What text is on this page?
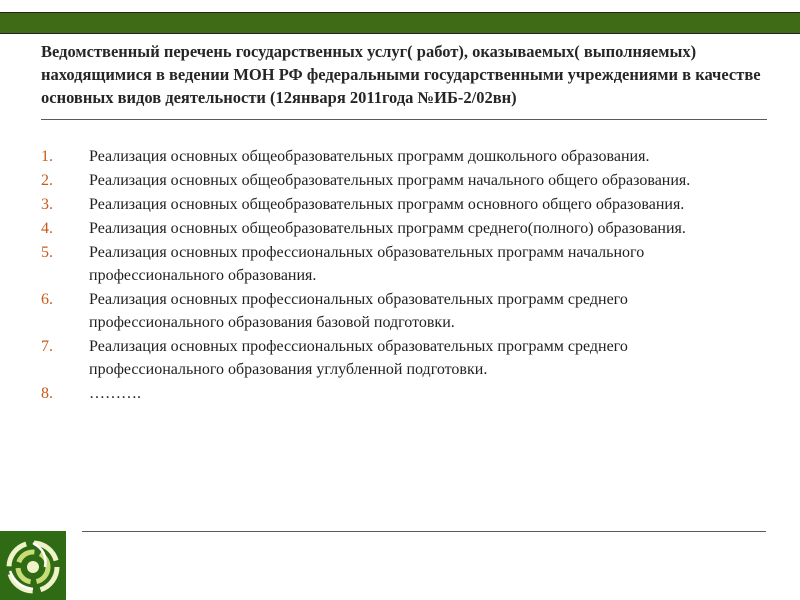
Ведомственный перечень государственных услуг( работ), оказываемых( выполняемых) находящимися в ведении МОН РФ федеральными государственными учреждениями в качестве основных видов деятельности (12января 2011года №ИБ-2/02вн)
1. Реализация основных общеобразовательных программ дошкольного образования.
2. Реализация основных общеобразовательных программ начального общего образования.
3. Реализация основных общеобразовательных программ основного общего образования.
4. Реализация основных общеобразовательных программ среднего(полного) образования.
5. Реализация основных профессиональных образовательных программ начального профессионального образования.
6. Реализация основных профессиональных образовательных программ среднего профессионального образования базовой подготовки.
7. Реализация основных профессиональных образовательных программ среднего профессионального образования углубленной подготовки.
8. ……….
